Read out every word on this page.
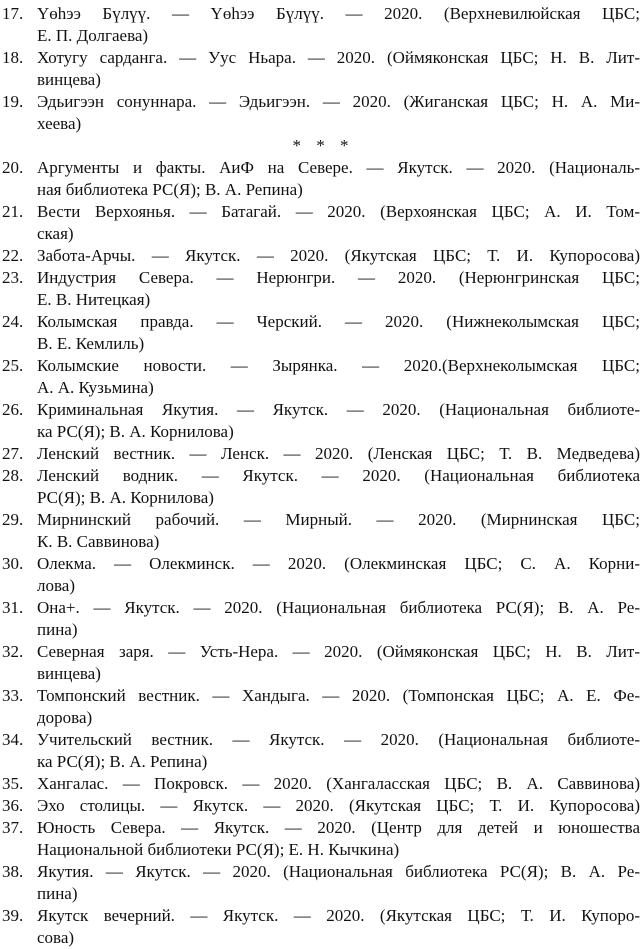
17. Үөһээ Бүлүү. — Үөһээ Бүлүү. — 2020. (Верхневилюйская ЦБС;
Е. П. Долгаева)
18. Хотугу сарданга. — Уус Ньара. — 2020. (Оймяконская ЦБС; Н. В. Лит-
винцева)
19. Эдьигээн сонуннара. — Эдьигээн. — 2020. (Жиганская ЦБС; Н. А. Ми-
хеева)
* * *
20. Аргументы и факты. АиФ на Севере. — Якутск. — 2020. (Националь-
ная библиотека РС(Я); В. А. Репина)
21. Вести Верхоянья. — Батагай. — 2020. (Верхоянская ЦБС; А. И. Том-
ская)
22. Забота-Арчы. — Якутск. — 2020. (Якутская ЦБС; Т. И. Купоросова)
23. Индустрия Севера. — Нерюнгри. — 2020. (Нерюнгринская ЦБС;
Е. В. Нитецкая)
24. Колымская правда. — Черский. — 2020. (Нижнеколымская ЦБС;
В. Е. Кемлиль)
25. Колымские новости. — Зырянка. — 2020.(Верхнеколымская ЦБС;
А. А. Кузьмина)
26. Криминальная Якутия. — Якутск. — 2020. (Национальная библиоте-
ка РС(Я); В. А. Корнилова)
27. Ленский вестник. — Ленск. — 2020. (Ленская ЦБС; Т. В. Медведева)
28. Ленский водник. — Якутск. — 2020. (Национальная библиотека
РС(Я); В. А. Корнилова)
29. Мирнинский рабочий. — Мирный. — 2020. (Мирнинская ЦБС;
К. В. Саввинова)
30. Олекма. — Олекминск. — 2020. (Олекминская ЦБС; С. А. Корни-
лова)
31. Она+. — Якутск. — 2020. (Национальная библиотека РС(Я); В. А. Ре-
пина)
32. Северная заря. — Усть-Нера. — 2020. (Оймяконская ЦБС; Н. В. Лит-
винцева)
33. Томпонский вестник. — Хандыга. — 2020. (Томпонская ЦБС; А. Е. Фе-
дорова)
34. Учительский вестник. — Якутск. — 2020. (Национальная библиоте-
ка РС(Я); В. А. Репина)
35. Хангалас. — Покровск. — 2020. (Хангаласская ЦБС; В. А. Саввинова)
36. Эхо столицы. — Якутск. — 2020. (Якутская ЦБС; Т. И. Купоросова)
37. Юность Севера. — Якутск. — 2020. (Центр для детей и юношества
Национальной библиотеки РС(Я); Е. Н. Кычкина)
38. Якутия. — Якутск. — 2020. (Национальная библиотека РС(Я); В. А. Ре-
пина)
39. Якутск вечерний. — Якутск. — 2020. (Якутская ЦБС; Т. И. Купоро-
сова)
